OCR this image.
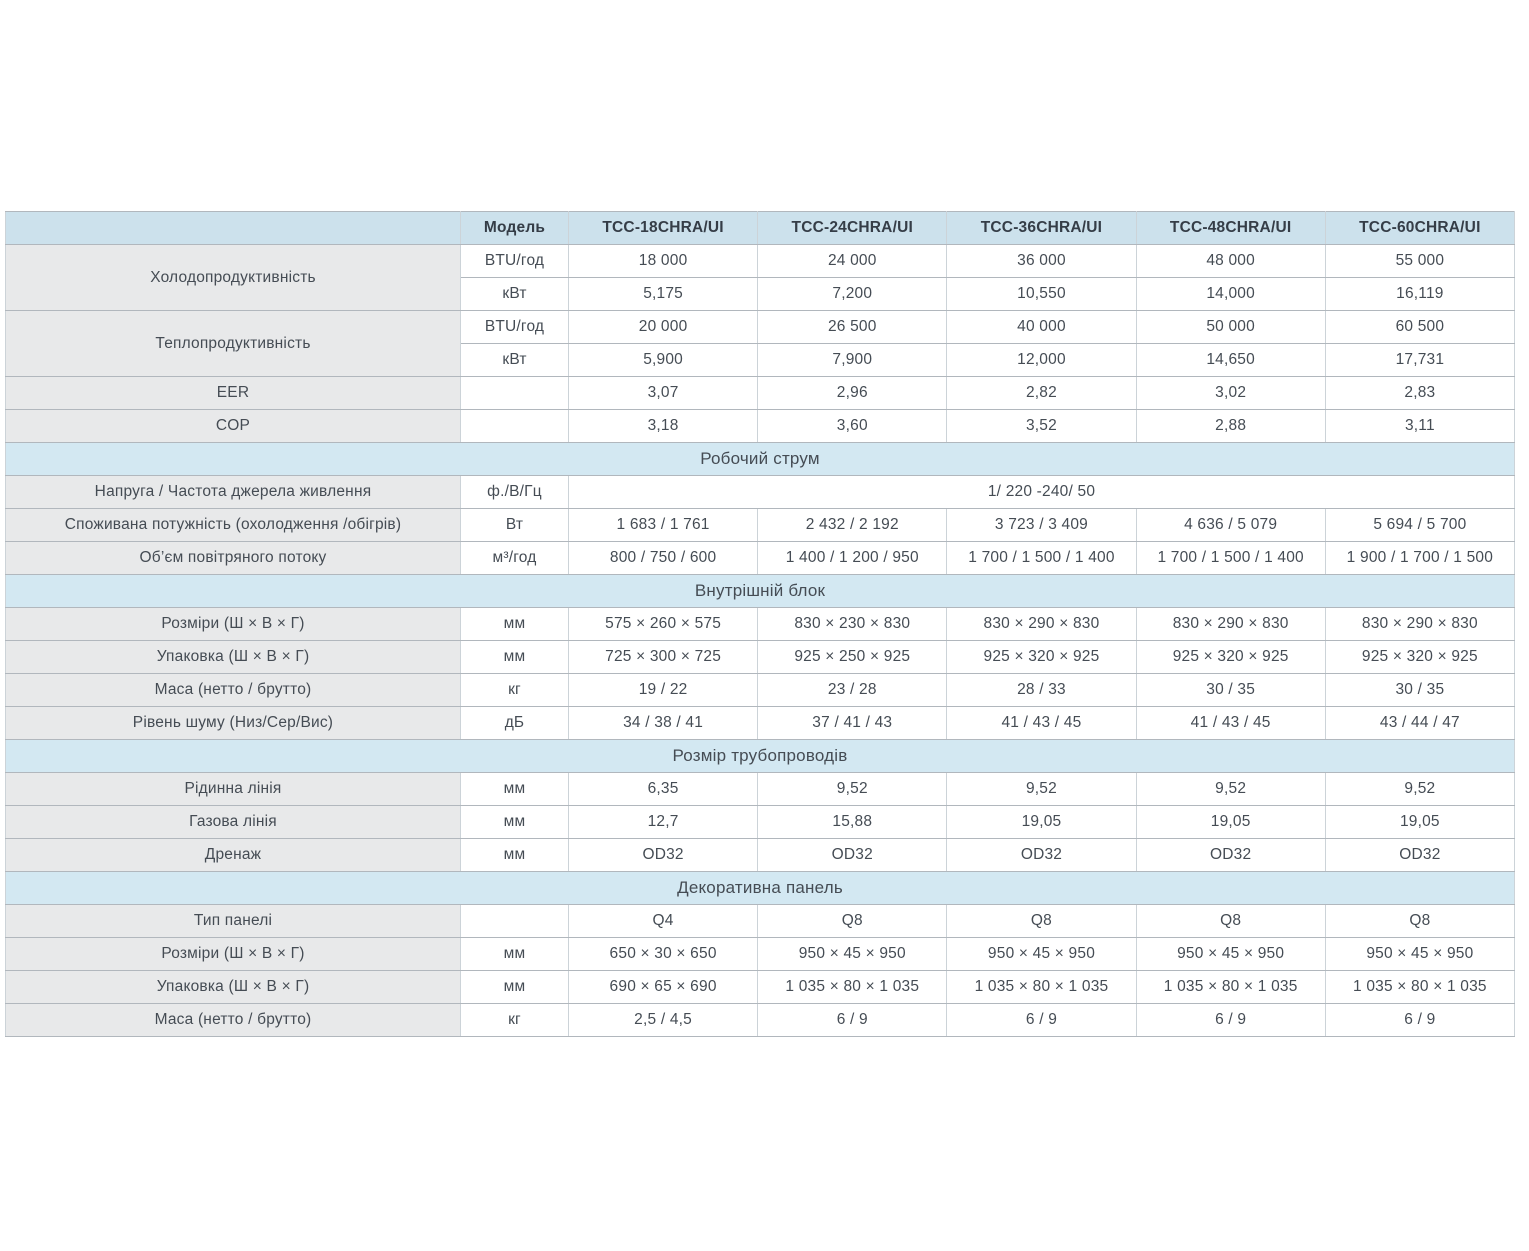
	Модель	TCC-18CHRA/UI	TCC-24CHRA/UI	TCC-36CHRA/UI	TCC-48CHRA/UI	TCC-60CHRA/UI
Холодопродуктивність	BTU/год	18 000	24 000	36 000	48 000	55 000
	кВт	5,175	7,200	10,550	14,000	16,119
Теплопродуктивність	BTU/год	20 000	26 500	40 000	50 000	60 500
	кВт	5,900	7,900	12,000	14,650	17,731
EER		3,07	2,96	2,82	3,02	2,83
COP		3,18	3,60	3,52	2,88	3,11
Робочий струм						
Напруга / Частота джерела живлення	ф./В/Гц	1/ 220 -240/ 50				
Споживана потужність (охолодження /обігрів)	Вт	1 683 / 1 761	2 432 / 2 192	3 723 / 3 409	4 636 / 5 079	5 694 / 5 700
Об’єм повітряного потоку	м³/год	800 / 750 / 600	1 400 / 1 200 / 950	1 700 / 1 500 / 1 400	1 700 / 1 500 / 1 400	1 900 / 1 700 / 1 500
Внутрішній блок						
Розміри (Ш × В × Г)	мм	575 × 260 × 575	830 × 230 × 830	830 × 290 × 830	830 × 290 × 830	830 × 290 × 830
Упаковка (Ш × В × Г)	мм	725 × 300 × 725	925 × 250 × 925	925 × 320 × 925	925 × 320 × 925	925 × 320 × 925
Маса (нетто / брутто)	кг	19 / 22	23 / 28	28 / 33	30 / 35	30 / 35
Рівень шуму (Низ/Сер/Вис)	дБ	34 / 38 / 41	37 / 41 / 43	41 / 43 / 45	41 / 43 / 45	43 / 44 / 47
Розмір трубопроводів						
Рідинна лінія	мм	6,35	9,52	9,52	9,52	9,52
Газова лінія	мм	12,7	15,88	19,05	19,05	19,05
Дренаж	мм	OD32	OD32	OD32	OD32	OD32
Декоративна панель						
Тип панелі		Q4	Q8	Q8	Q8	Q8
Розміри (Ш × В × Г)	мм	650 × 30 × 650	950 × 45 × 950	950 × 45 × 950	950 × 45 × 950	950 × 45 × 950
Упаковка (Ш × В × Г)	мм	690 × 65 × 690	1 035 × 80 × 1 035	1 035 × 80 × 1 035	1 035 × 80 × 1 035	1 035 × 80 × 1 035
Маса (нетто / брутто)	кг	2,5 / 4,5	6 / 9	6 / 9	6 / 9	6 / 9
